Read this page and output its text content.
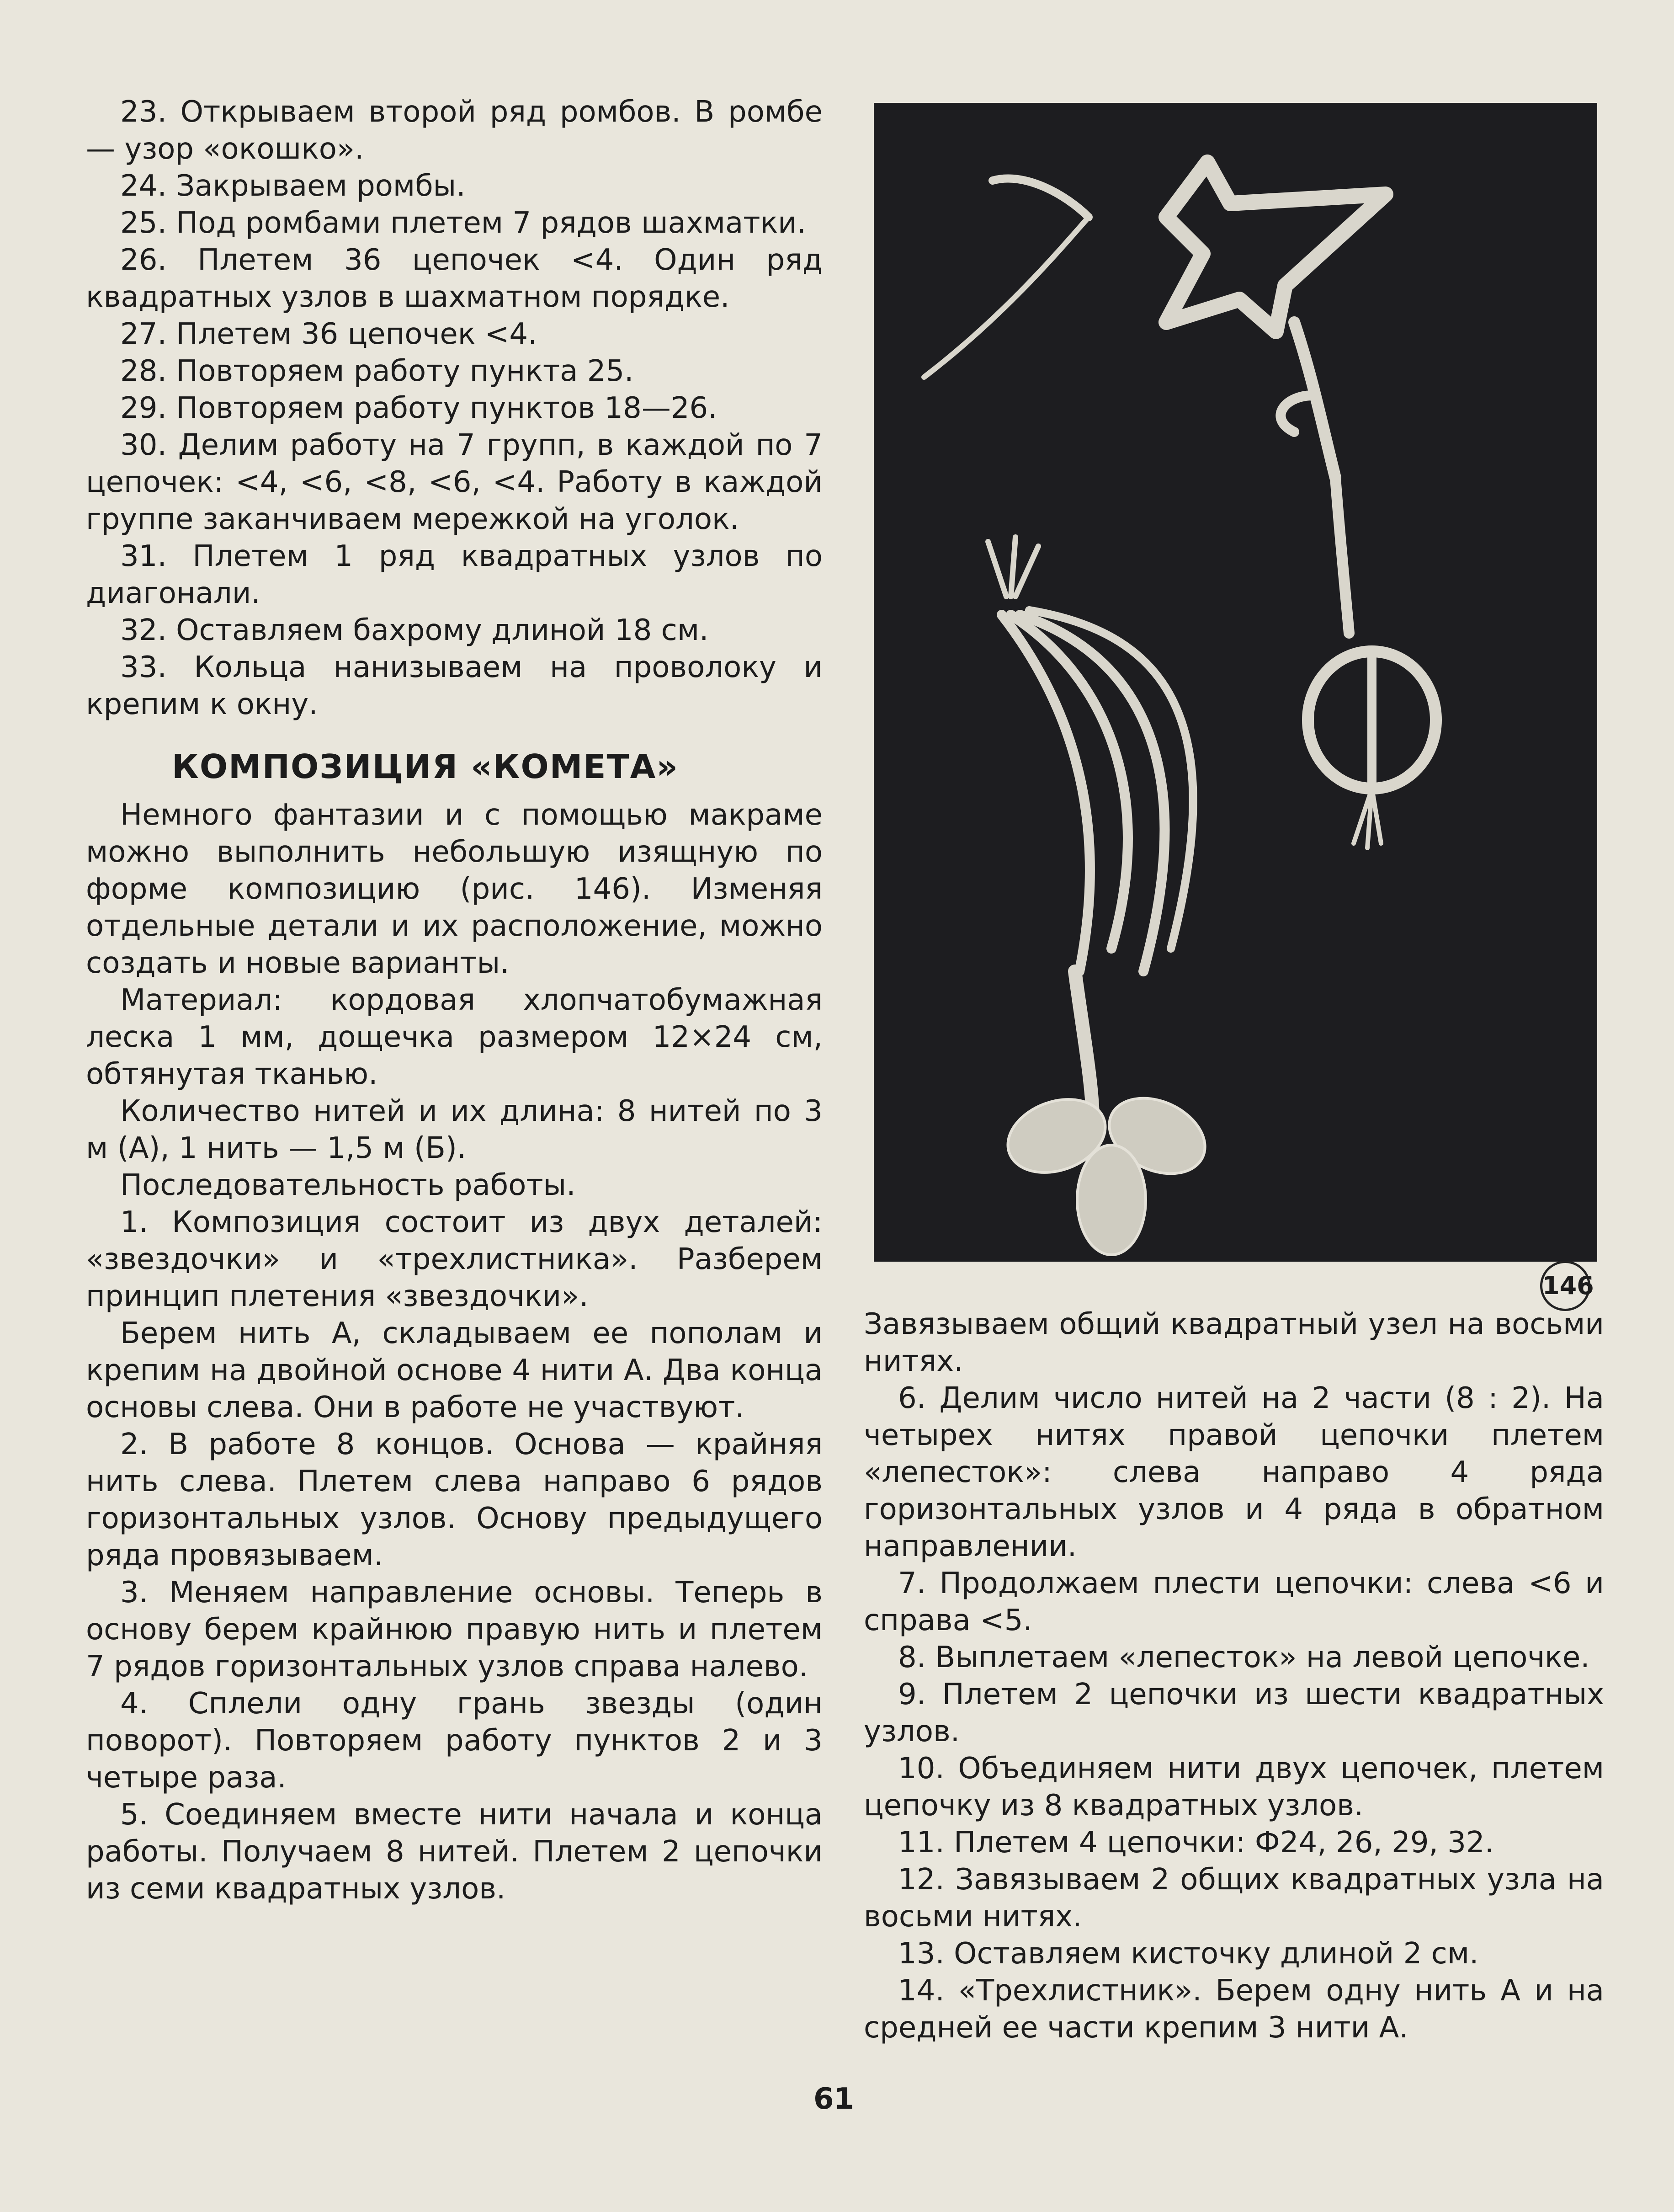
23. Открываем второй ряд ромбов. В ромбе — узор «окошко».

24. Закрываем ромбы.

25. Под ромбами плетем 7 рядов шахматки.

26. Плетем 36 цепочек <4. Один ряд квадратных узлов в шахматном порядке.

27. Плетем 36 цепочек <4.

28. Повторяем работу пункта 25.

29. Повторяем работу пунктов 18—26.

30. Делим работу на 7 групп, в каждой по 7 цепочек: <4, <6, <8, <6, <4. Работу в каждой группе заканчиваем мережкой на уголок.

31. Плетем 1 ряд квадратных узлов по диагонали.

32. Оставляем бахрому длиной 18 см.

33. Кольца нанизываем на проволоку и крепим к окну.

КОМПОЗИЦИЯ «КОМЕТА»

Немного фантазии и с помощью макраме можно выполнить небольшую изящную по форме композицию (рис. 146). Изменяя отдельные детали и их расположение, можно создать и новые варианты.

Материал: кордовая хлопчатобумажная леска 1 мм, дощечка размером 12×24 см, обтянутая тканью.

Количество нитей и их длина: 8 нитей по 3 м (А), 1 нить — 1,5 м (Б).

Последовательность работы.

1. Композиция состоит из двух деталей: «звездочки» и «трехлистника». Разберем принцип плетения «звездочки».

Берем нить А, складываем ее пополам и крепим на двойной основе 4 нити А. Два конца основы слева. Они в работе не участвуют.

2. В работе 8 концов. Основа — крайняя нить слева. Плетем слева направо 6 рядов горизонтальных узлов. Основу предыдущего ряда провязываем.

3. Меняем направление основы. Теперь в основу берем крайнюю правую нить и плетем 7 рядов горизонтальных узлов справа налево.

4. Сплели одну грань звезды (один поворот). Повторяем работу пунктов 2 и 3 четыре раза.

5. Соединяем вместе нити начала и конца работы. Получаем 8 нитей. Плетем 2 цепочки из семи квадратных узлов.

146

Завязываем общий квадратный узел на восьми нитях.

6. Делим число нитей на 2 части (8 : 2). На четырех нитях правой цепочки плетем «лепесток»: слева направо 4 ряда горизонтальных узлов и 4 ряда в обратном направлении.

7. Продолжаем плести цепочки: слева <6 и справа <5.

8. Выплетаем «лепесток» на левой цепочке.

9. Плетем 2 цепочки из шести квадратных узлов.

10. Объединяем нити двух цепочек, плетем цепочку из 8 квадратных узлов.

11. Плетем 4 цепочки: Ф24, 26, 29, 32.

12. Завязываем 2 общих квадратных узла на восьми нитях.

13. Оставляем кисточку длиной 2 см.

14. «Трехлистник». Берем одну нить А и на средней ее части крепим 3 нити А.

61
